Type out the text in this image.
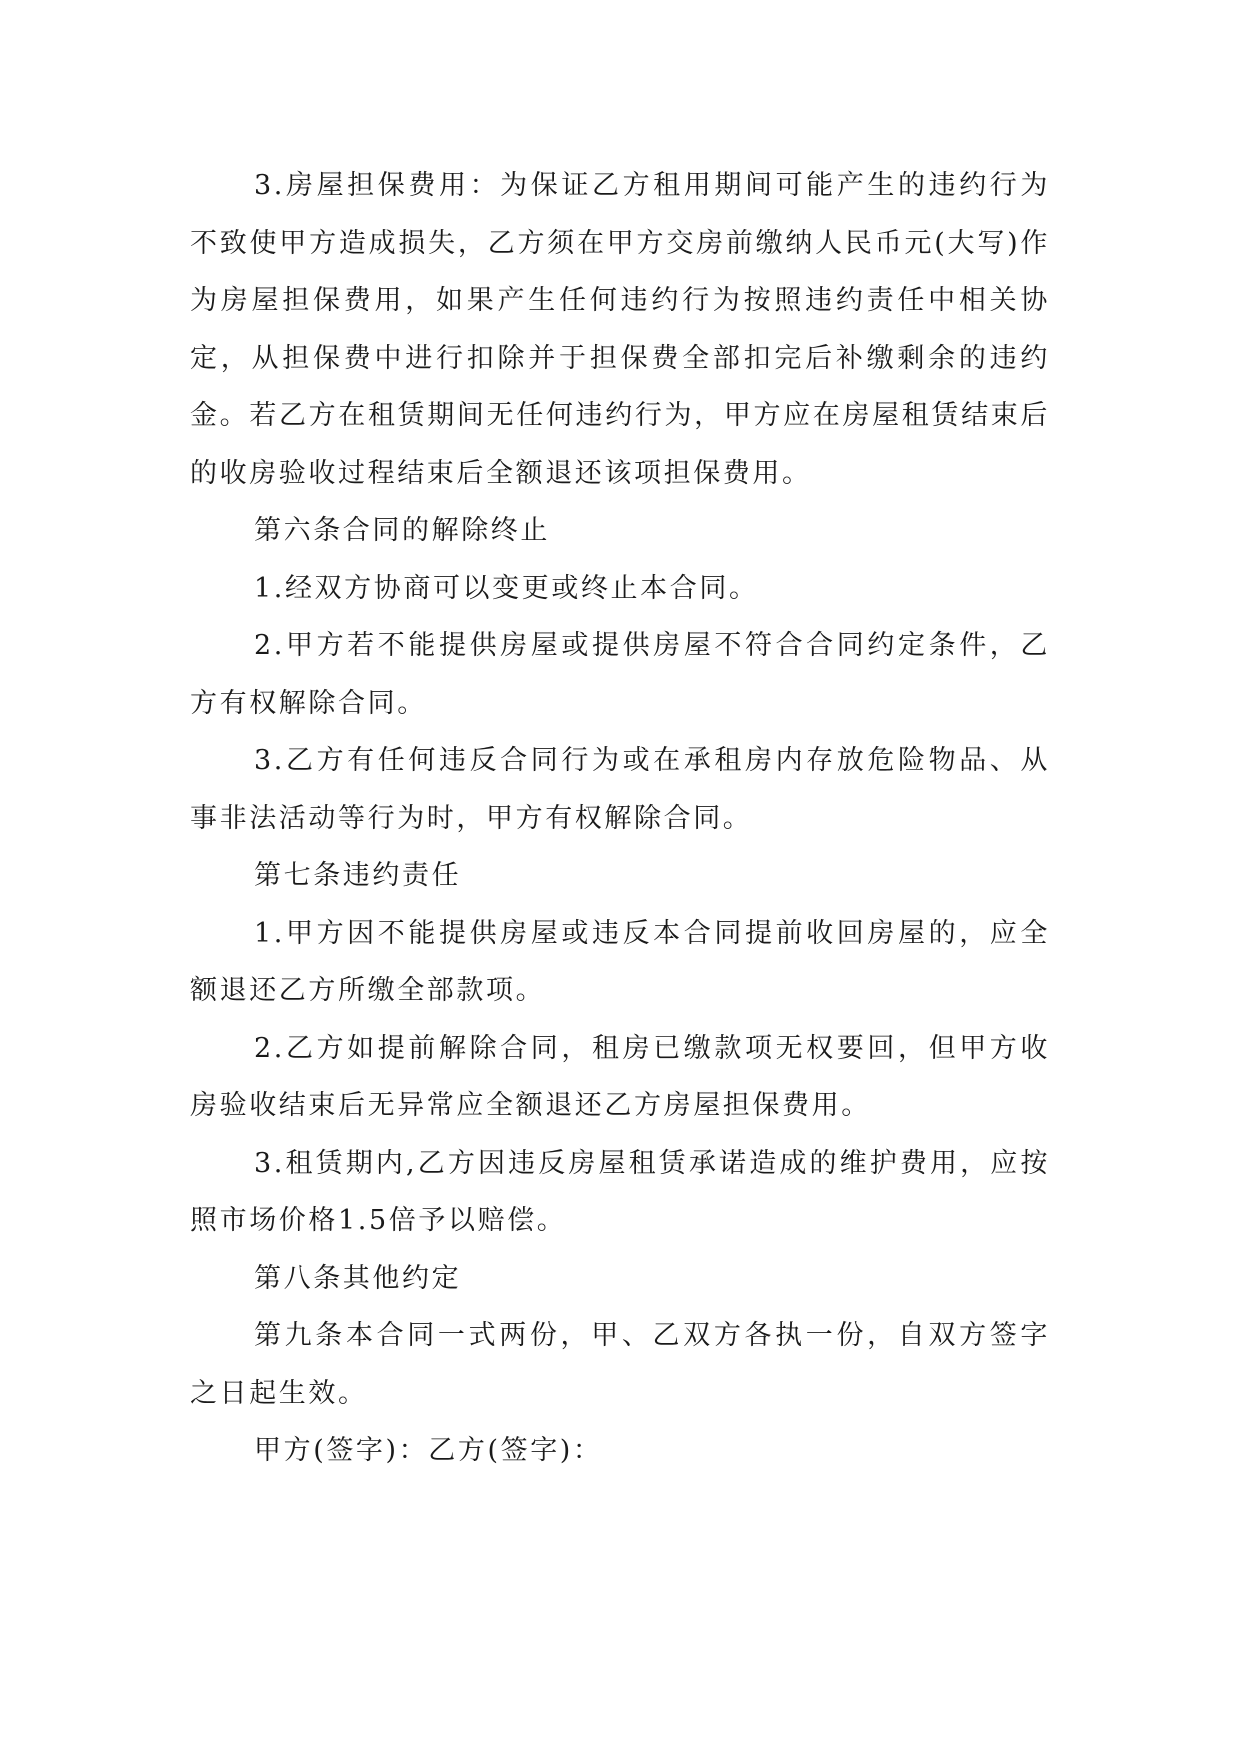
3.房屋担保费用：为保证乙方租用期间可能产生的违约行为不致使甲方造成损失，乙方须在甲方交房前缴纳人民币元(大写)作为房屋担保费用，如果产生任何违约行为按照违约责任中相关协定，从担保费中进行扣除并于担保费全部扣完后补缴剩余的违约金。若乙方在租赁期间无任何违约行为，甲方应在房屋租赁结束后的收房验收过程结束后全额退还该项担保费用。

第六条合同的解除终止

1.经双方协商可以变更或终止本合同。

2.甲方若不能提供房屋或提供房屋不符合合同约定条件，乙方有权解除合同。

3.乙方有任何违反合同行为或在承租房内存放危险物品、从事非法活动等行为时，甲方有权解除合同。

第七条违约责任

1.甲方因不能提供房屋或违反本合同提前收回房屋的，应全额退还乙方所缴全部款项。

2.乙方如提前解除合同，租房已缴款项无权要回，但甲方收房验收结束后无异常应全额退还乙方房屋担保费用。

3.租赁期内,乙方因违反房屋租赁承诺造成的维护费用，应按照市场价格1.5倍予以赔偿。

第八条其他约定

第九条本合同一式两份，甲、乙双方各执一份，自双方签字之日起生效。

甲方(签字)：乙方(签字)：
